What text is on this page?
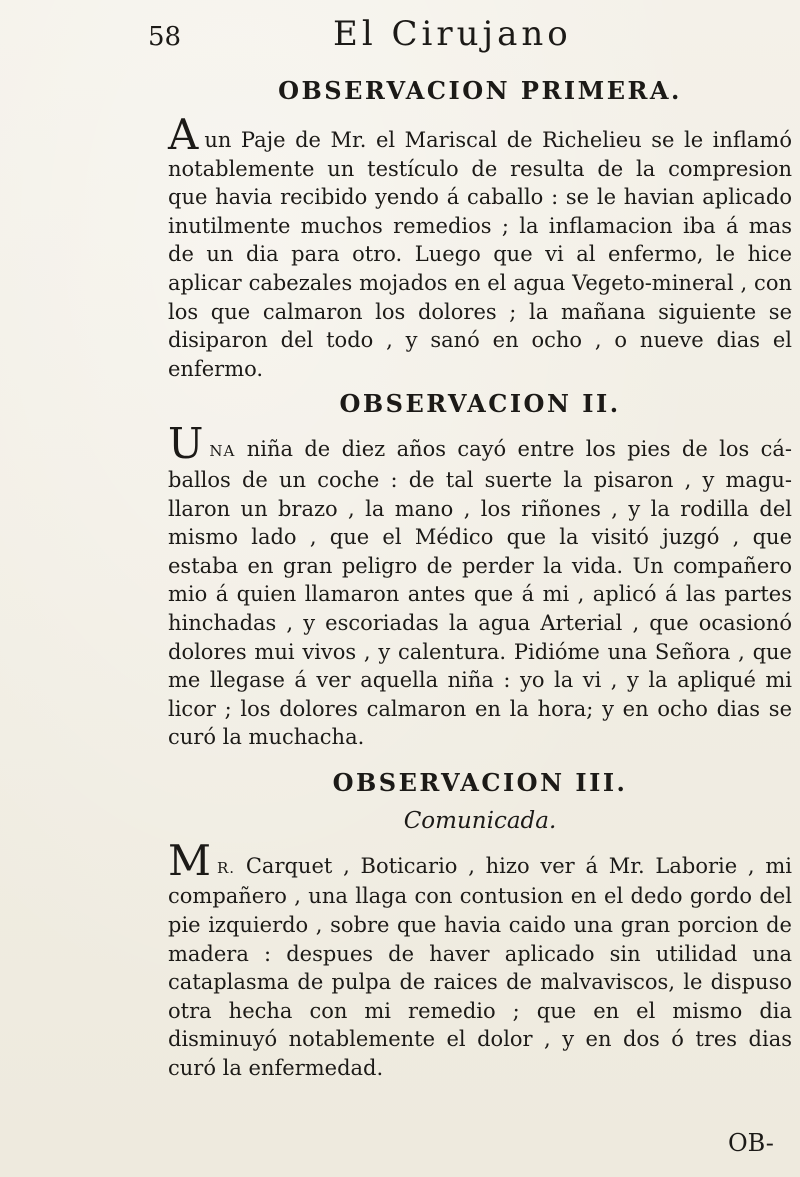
58	El Cirujano
OBSERVACION PRIMERA.

Aun Paje de Mr. el Mariscal de Richelieu se le inflamó notablemente un testículo de resulta de la compresion que havia recibido yendo á caballo : se le havian aplicado inutilmente muchos remedios ; la inflamacion iba á mas de un dia para otro. Luego que vi al enfermo, le hice aplicar cabezales mojados en el agua Vegeto-mineral , con los que calmaron los dolores ; la mañana siguiente se disiparon del todo , y sanó en ocho , o nueve dias el enfermo.

OBSERVACION II.

UNA niña de diez años cayó entre los pies de los cáballos de un coche : de tal suerte la pisaron , y magullaron un brazo , la mano , los riñones , y la rodilla del mismo lado , que el Médico que la visitó juzgó , que estaba en gran peligro de perder la vida. Un compañero mio á quien llamaron antes que á mi , aplicó á las partes hinchadas , y escoriadas la agua Arterial , que ocasionó dolores mui vivos , y calentura. Pidióme una Señora , que me llegase á ver aquella niña : yo la vi , y la apliqué mi licor ; los dolores calmaron en la hora; y en ocho dias se curó la muchacha.

OBSERVACION III.
Comunicada.

M R. Carquet , Boticario , hizo ver á Mr. Laborie , mi compañero , una llaga con contusion en el dedo gordo del pie izquierdo , sobre que havia caido una gran porcion de madera : despues de haver aplicado sin utilidad una cataplasma de pulpa de raices de malvaviscos, le dispuso otra hecha con mi remedio ; que en el mismo dia disminuyó notablemente el dolor , y en dos ó tres dias curó la enfermedad.

OB-
